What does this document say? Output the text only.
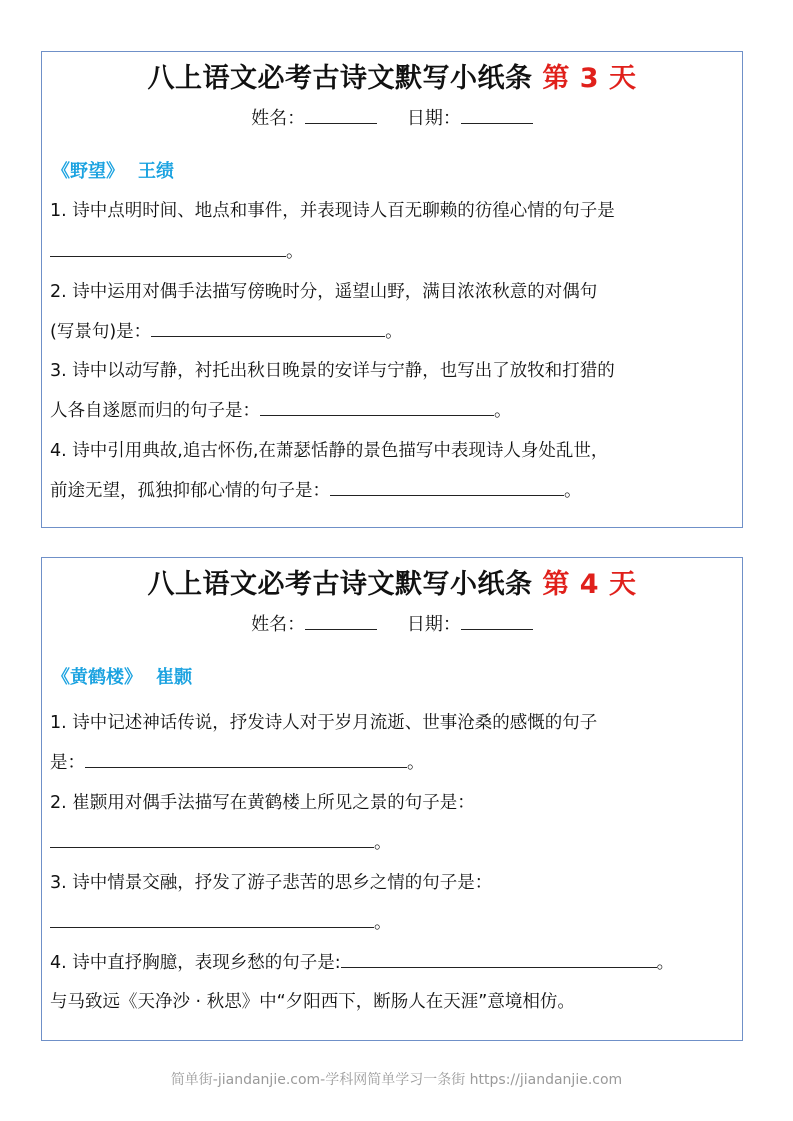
八上语文必考古诗文默写小纸条 第 3 天
姓名：	日期：
《野望》 王绩
1. 诗中点明时间、地点和事件，并表现诗人百无聊赖的彷徨心情的句子是
。
2. 诗中运用对偶手法描写傍晚时分，遥望山野，满目浓浓秋意的对偶句
(写景句)是：	。
3. 诗中以动写静，衬托出秋日晚景的安详与宁静，也写出了放牧和打猎的
人各自遂愿而归的句子是：	。
4. 诗中引用典故,追古怀伤,在萧瑟恬静的景色描写中表现诗人身处乱世，
前途无望，孤独抑郁心情的句子是：	。
八上语文必考古诗文默写小纸条 第 4 天
姓名：	日期：
《黄鹤楼》 崔颢
1. 诗中记述神话传说，抒发诗人对于岁月流逝、世事沧桑的感慨的句子
是：	。
2. 崔颢用对偶手法描写在黄鹤楼上所见之景的句子是：
。
3. 诗中情景交融，抒发了游子悲苦的思乡之情的句子是：
。
4. 诗中直抒胸臆，表现乡愁的句子是:	。
与马致远《天净沙 · 秋思》中“夕阳西下，断肠人在天涯”意境相仿。
简单街-jiandanjie.com-学科网简单学习一条街 https://jiandanjie.com
